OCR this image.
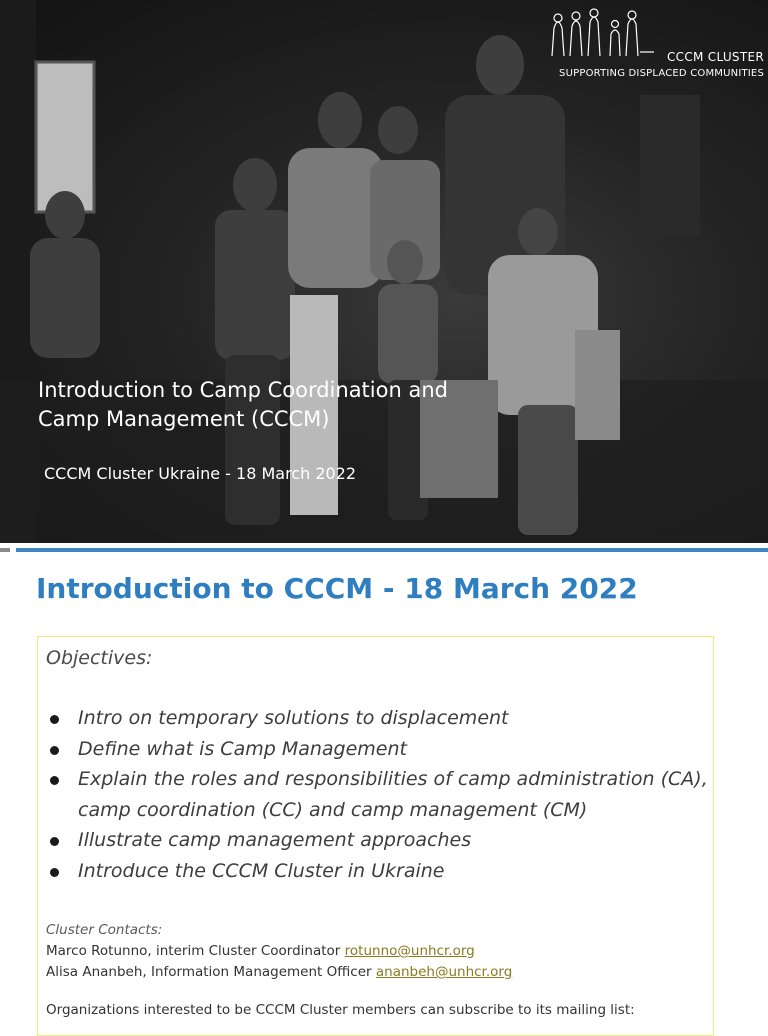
CCCM CLUSTER
SUPPORTING DISPLACED COMMUNITIES
Introduction to Camp Coordination and
Camp Management (CCCM)
CCCM Cluster Ukraine - 18 March 2022
Introduction to CCCM - 18 March 2022
Objectives:
Intro on temporary solutions to displacement
Define what is Camp Management
Explain the roles and responsibilities of camp administration (CA), camp coordination (CC) and camp management (CM)
Illustrate camp management approaches
Introduce the CCCM Cluster in Ukraine
Cluster Contacts:
Marco Rotunno, interim Cluster Coordinator rotunno@unhcr.org
Alisa Ananbeh, Information Management Officer ananbeh@unhcr.org
Organizations interested to be CCCM Cluster members can subscribe to its mailing list:
